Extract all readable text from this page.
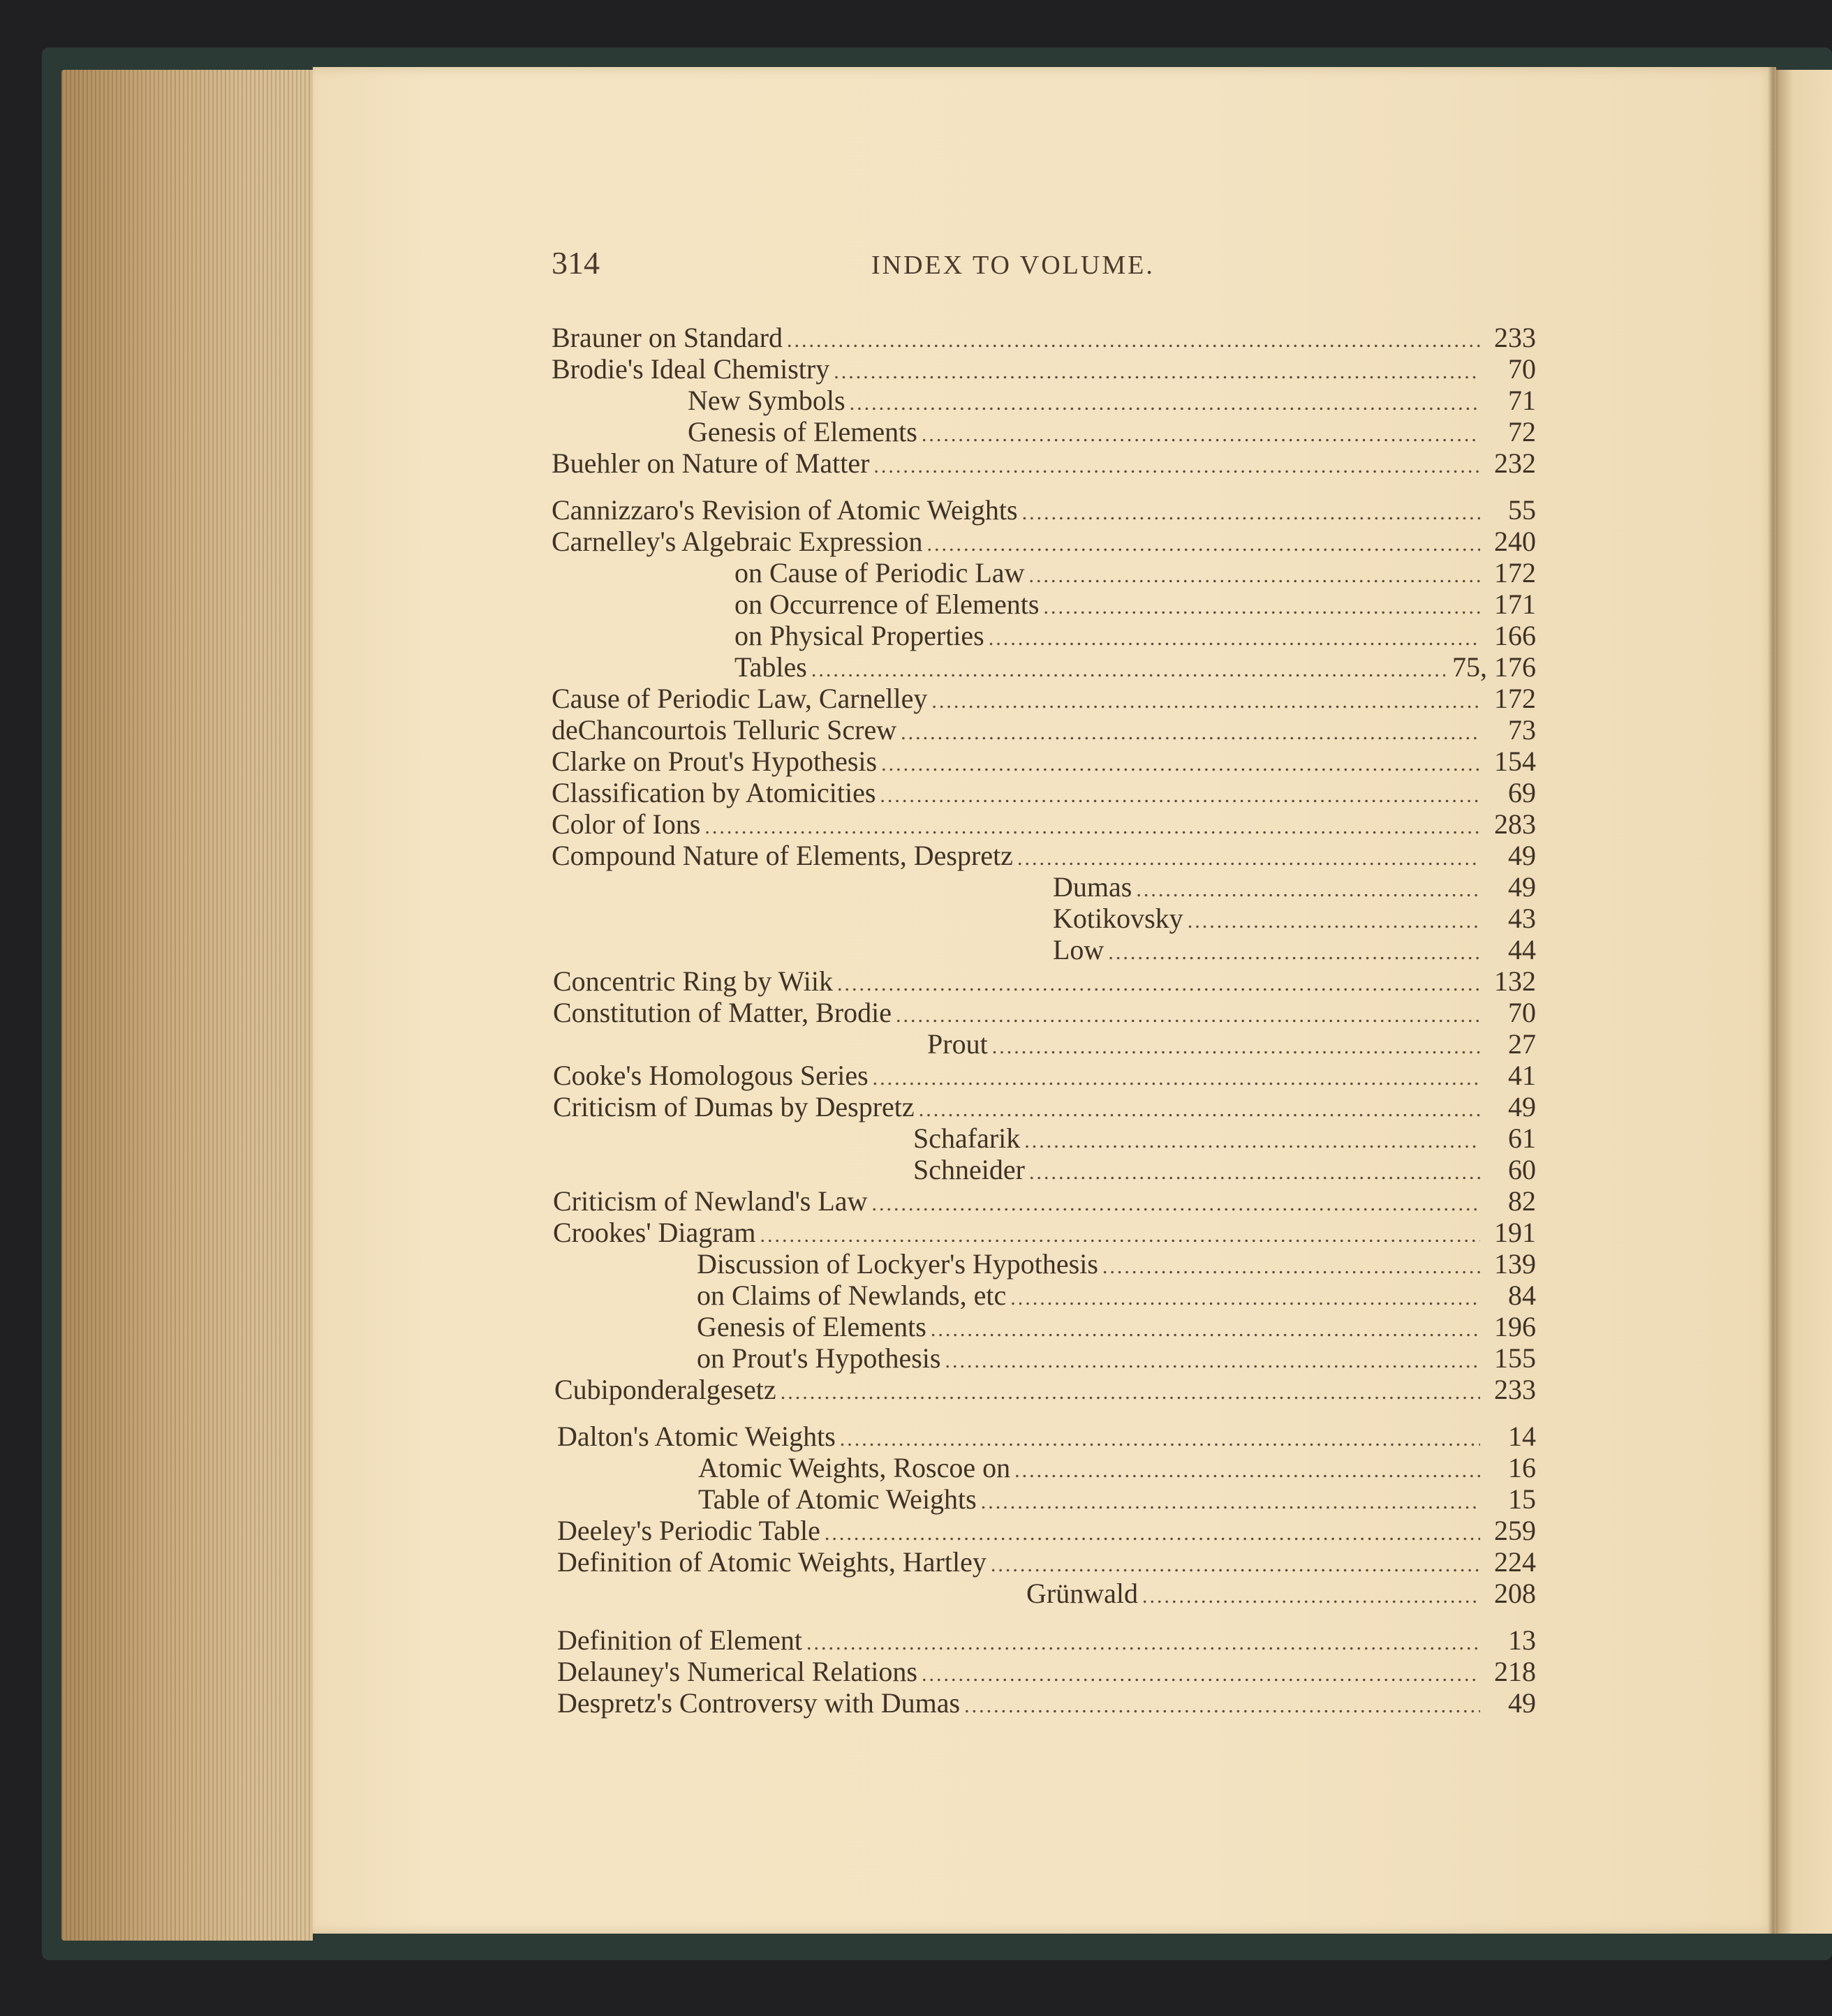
314	INDEX TO VOLUME.
Brauner on Standard .....	233
Brodie's Ideal Chemistry .....	70
New Symbols .....	71
Genesis of Elements .....	72
Buehler on Nature of Matter .....	232
Cannizzaro's Revision of Atomic Weights .....	55
Carnelley's Algebraic Expression .....	240
on Cause of Periodic Law .....	172
on Occurrence of Elements .....	171
on Physical Properties .....	166
Tables .....	75, 176
Cause of Periodic Law, Carnelley .....	172
deChancourtois Telluric Screw .....	73
Clarke on Prout's Hypothesis .....	154
Classification by Atomicities .....	69
Color of Ions .....	283
Compound Nature of Elements, Despretz .....	49
Dumas .....	49
Kotikovsky .....	43
Low .....	44
Concentric Ring by Wiik .....	132
Constitution of Matter, Brodie .....	70
Prout .....	27
Cooke's Homologous Series .....	41
Criticism of Dumas by Despretz .....	49
Schafarik .....	61
Schneider .....	60
Criticism of Newland's Law .....	82
Crookes' Diagram .....	191
Discussion of Lockyer's Hypothesis .....	139
on Claims of Newlands, etc .....	84
Genesis of Elements .....	196
on Prout's Hypothesis .....	155
Cubiponderalgesetz .....	233
Dalton's Atomic Weights .....	14
Atomic Weights, Roscoe on .....	16
Table of Atomic Weights .....	15
Deeley's Periodic Table .....	259
Definition of Atomic Weights, Hartley .....	224
Grünwald .....	208
Definition of Element .....	13
Delauney's Numerical Relations .....	218
Despretz's Controversy with Dumas .....	49
